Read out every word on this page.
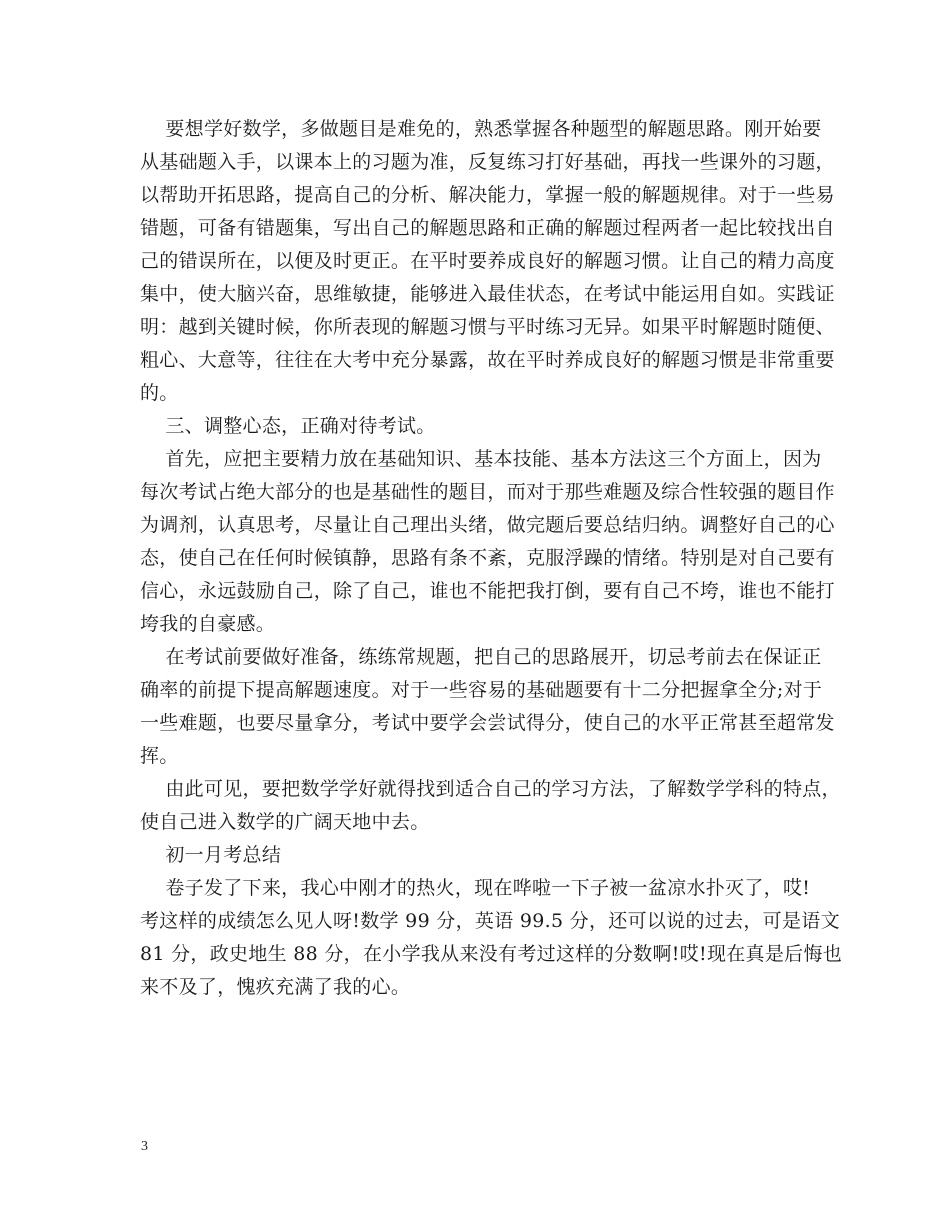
要想学好数学，多做题目是难免的，熟悉掌握各种题型的解题思路。刚开始要
从基础题入手，以课本上的习题为准，反复练习打好基础，再找一些课外的习题，
以帮助开拓思路，提高自己的分析、解决能力，掌握一般的解题规律。对于一些易
错题，可备有错题集，写出自己的解题思路和正确的解题过程两者一起比较找出自
己的错误所在，以便及时更正。在平时要养成良好的解题习惯。让自己的精力高度
集中，使大脑兴奋，思维敏捷，能够进入最佳状态，在考试中能运用自如。实践证
明：越到关键时候，你所表现的解题习惯与平时练习无异。如果平时解题时随便、
粗心、大意等，往往在大考中充分暴露，故在平时养成良好的解题习惯是非常重要
的。
三、调整心态，正确对待考试。
首先，应把主要精力放在基础知识、基本技能、基本方法这三个方面上，因为
每次考试占绝大部分的也是基础性的题目，而对于那些难题及综合性较强的题目作
为调剂，认真思考，尽量让自己理出头绪，做完题后要总结归纳。调整好自己的心
态，使自己在任何时候镇静，思路有条不紊，克服浮躁的情绪。特别是对自己要有
信心，永远鼓励自己，除了自己，谁也不能把我打倒，要有自己不垮，谁也不能打
垮我的自豪感。
在考试前要做好准备，练练常规题，把自己的思路展开，切忌考前去在保证正
确率的前提下提高解题速度。对于一些容易的基础题要有十二分把握拿全分;对于
一些难题，也要尽量拿分，考试中要学会尝试得分，使自己的水平正常甚至超常发
挥。
由此可见，要把数学学好就得找到适合自己的学习方法，了解数学学科的特点，
使自己进入数学的广阔天地中去。
初一月考总结
卷子发了下来，我心中刚才的热火，现在哗啦一下子被一盆凉水扑灭了，哎!
考这样的成绩怎么见人呀!数学 99 分，英语 99.5 分，还可以说的过去，可是语文
81 分，政史地生 88 分，在小学我从来没有考过这样的分数啊!哎!现在真是后悔也
来不及了，愧疚充满了我的心。
3
